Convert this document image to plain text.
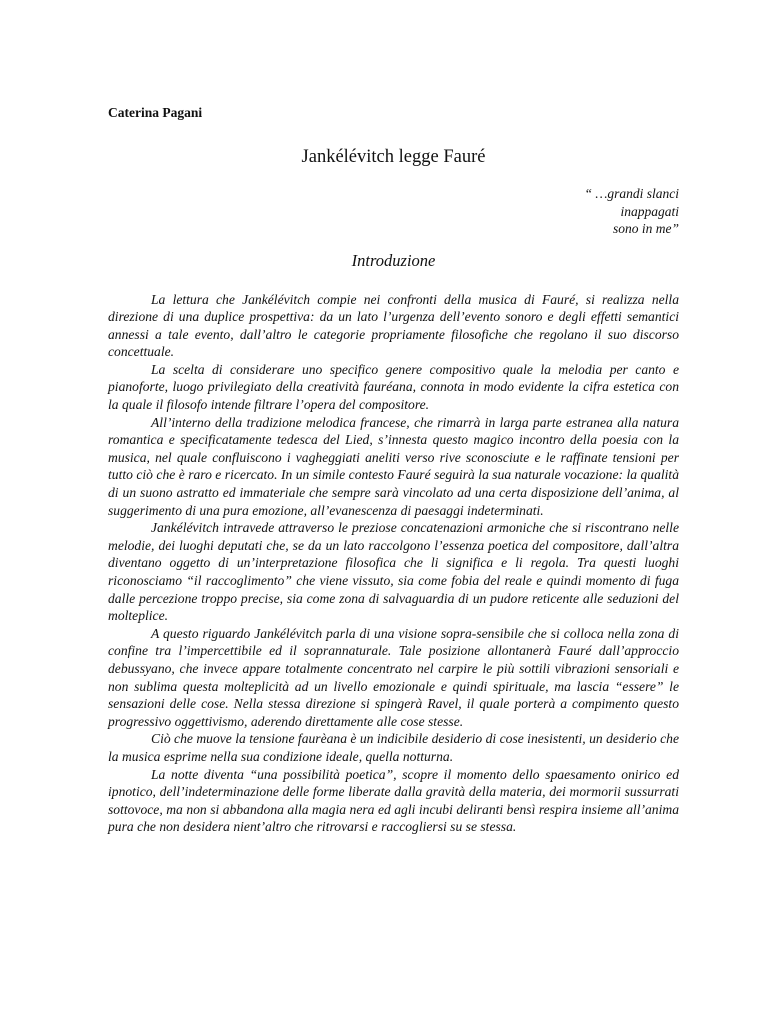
Caterina Pagani

Jankélévitch legge Fauré
“ …grandi slanci
inappagati
sono in me”
Introduzione

La lettura che Jankélévitch compie nei confronti della musica di Fauré, si realizza nella direzione di una duplice prospettiva: da un lato l’urgenza dell’evento sonoro e degli effetti semantici annessi a tale evento, dall’altro le categorie propriamente filosofiche che regolano il suo discorso concettuale.

La scelta di considerare uno specifico genere compositivo quale la melodia per canto e pianoforte, luogo privilegiato della creatività fauréana, connota in modo evidente la cifra estetica con la quale il filosofo intende filtrare l’opera del compositore.

All’interno della tradizione melodica francese, che rimarrà in larga parte estranea alla natura romantica e specificatamente tedesca del Lied, s’innesta questo magico incontro della poesia con la musica, nel quale confluiscono i vagheggiati aneliti verso rive sconosciute e le raffinate tensioni per tutto ciò che è raro e ricercato. In un simile contesto Fauré seguirà la sua naturale vocazione: la qualità di un suono astratto ed immateriale che sempre sarà vincolato ad una certa disposizione dell’anima, al suggerimento di una pura emozione, all’evanescenza di paesaggi indeterminati.

Jankélévitch intravede attraverso le preziose concatenazioni armoniche che si riscontrano nelle melodie, dei luoghi deputati che, se da un lato raccolgono l’essenza poetica del compositore, dall’altra diventano oggetto di un’interpretazione filosofica che li significa e li regola. Tra questi luoghi riconosciamo “il raccoglimento” che viene vissuto, sia come fobia del reale e quindi momento di fuga dalle percezione troppo precise, sia come zona di salvaguardia di un pudore reticente alle seduzioni del molteplice.

A questo riguardo Jankélévitch parla di una visione sopra-sensibile che si colloca nella zona di confine tra l’impercettibile ed il soprannaturale. Tale posizione allontanerà Fauré dall’approccio debussyano, che invece appare totalmente concentrato nel carpire le più sottili vibrazioni sensoriali e non sublima questa molteplicità ad un livello emozionale e quindi spirituale, ma lascia “essere” le sensazioni delle cose. Nella stessa direzione si spingerà Ravel, il quale porterà a compimento questo progressivo oggettivismo, aderendo direttamente alle cose stesse.

Ciò che muove la tensione faurèana è un indicibile desiderio di cose inesistenti, un desiderio che la musica esprime nella sua condizione ideale, quella notturna.

La notte diventa “una possibilità poetica”, scopre il momento dello spaesamento onirico ed ipnotico, dell’indeterminazione delle forme liberate dalla gravità della materia, dei mormorii sussurrati sottovoce, ma non si abbandona alla magia nera ed agli incubi deliranti bensì respira insieme all’anima pura che non desidera nient’altro che ritrovarsi e raccogliersi su se stessa.
